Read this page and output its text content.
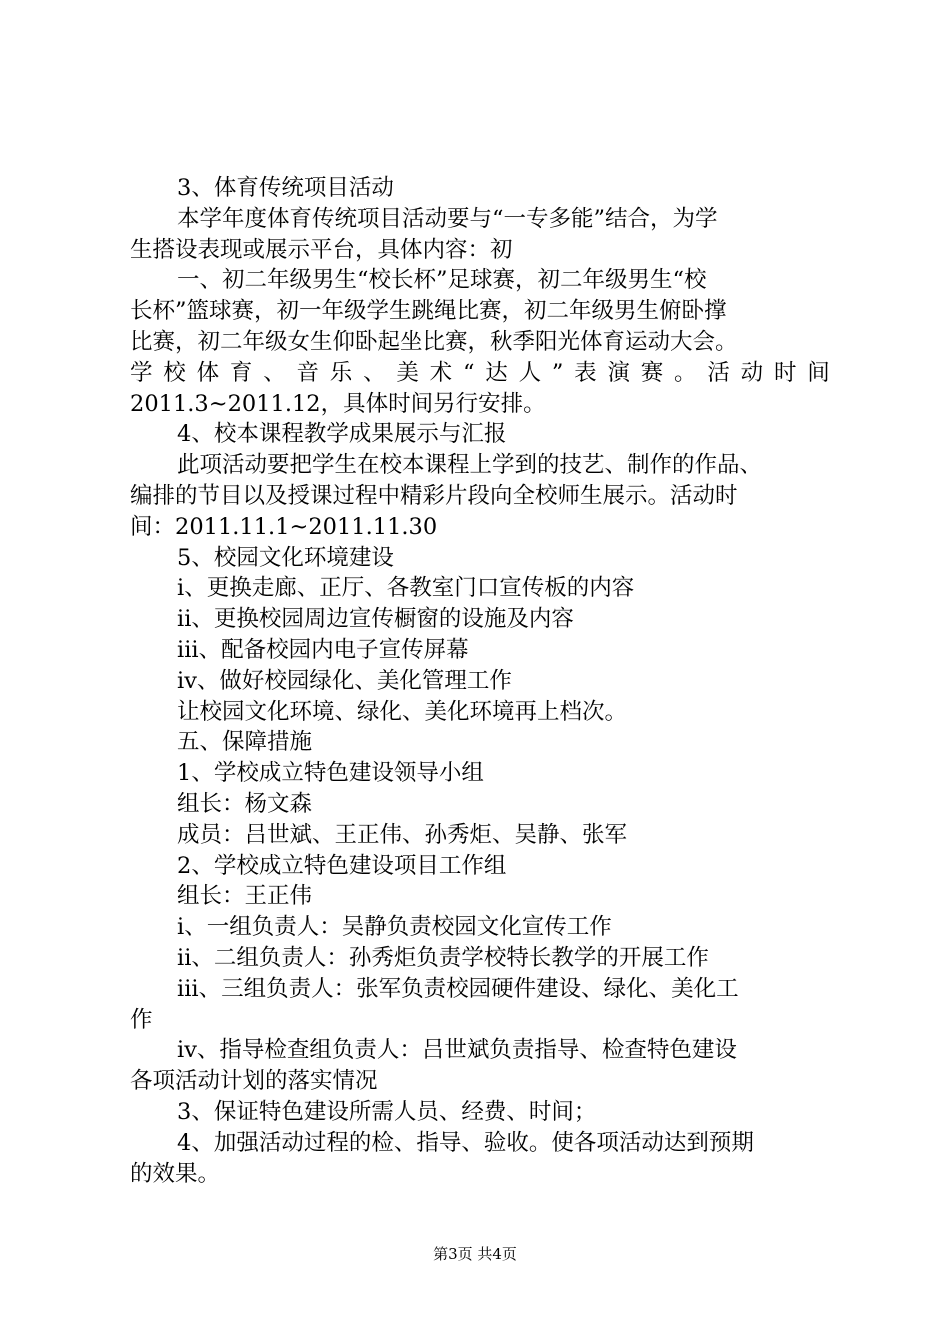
3、体育传统项目活动
本学年度体育传统项目活动要与“一专多能”结合，为学
生搭设表现或展示平台，具体内容：初
一、初二年级男生“校长杯”足球赛，初二年级男生“校
长杯”篮球赛，初一年级学生跳绳比赛，初二年级男生俯卧撑
比赛，初二年级女生仰卧起坐比赛，秋季阳光体育运动大会。
学 校 体 育 、 音 乐 、 美 术 “ 达 人 ” 表 演 赛 。 活 动 时 间
2011.3~2011.12，具体时间另行安排。
4、校本课程教学成果展示与汇报
此项活动要把学生在校本课程上学到的技艺、制作的作品、
编排的节目以及授课过程中精彩片段向全校师生展示。活动时
间：2011.11.1~2011.11.30
5、校园文化环境建设
i、更换走廊、正厅、各教室门口宣传板的内容
ii、更换校园周边宣传橱窗的设施及内容
iii、配备校园内电子宣传屏幕
iv、做好校园绿化、美化管理工作
让校园文化环境、绿化、美化环境再上档次。
五、保障措施
1、学校成立特色建设领导小组
组长：杨文森
成员：吕世斌、王正伟、孙秀炬、吴静、张军
2、学校成立特色建设项目工作组
组长：王正伟
i、一组负责人：吴静负责校园文化宣传工作
ii、二组负责人：孙秀炬负责学校特长教学的开展工作
iii、三组负责人：张军负责校园硬件建设、绿化、美化工
作
iv、指导检查组负责人：吕世斌负责指导、检查特色建设
各项活动计划的落实情况
3、保证特色建设所需人员、经费、时间；
4、加强活动过程的检、指导、验收。使各项活动达到预期
的效果。
第3页 共4页
